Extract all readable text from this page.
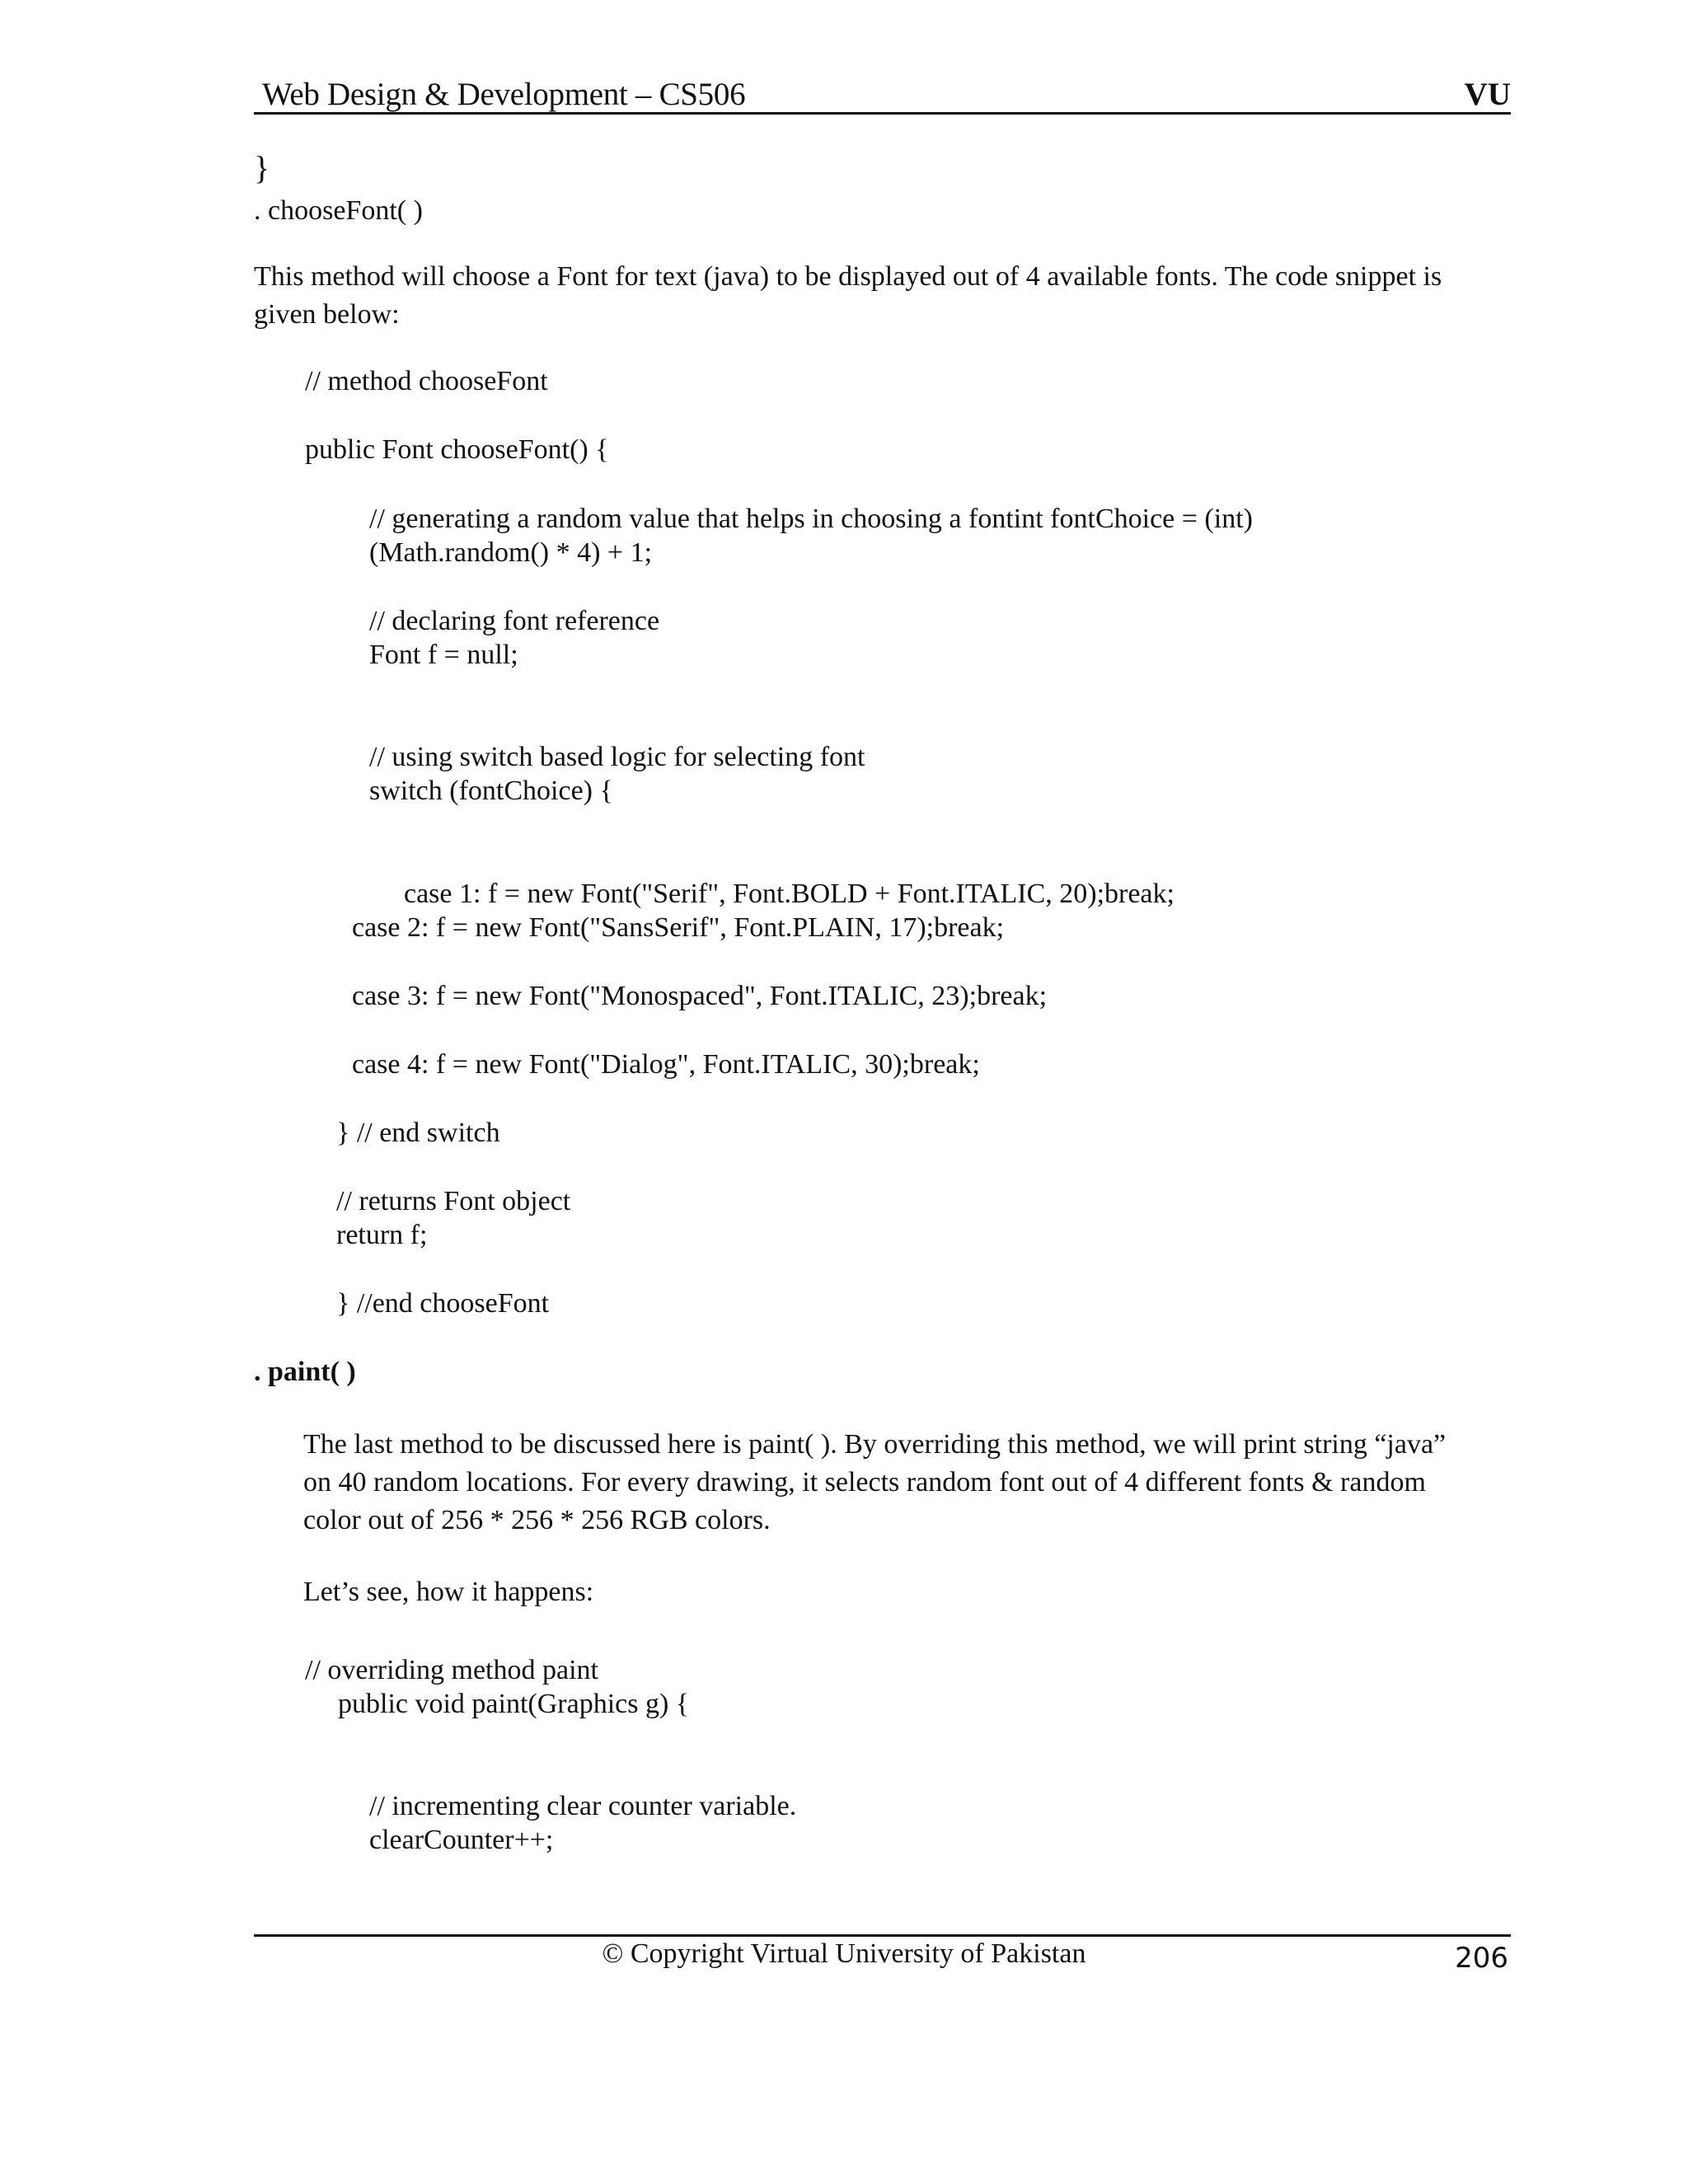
Web Design & Development – CS506	VU
}
. chooseFont( )
This method will choose a Font for text (java) to be displayed out of 4 available fonts. The code snippet is
given below:
// method chooseFont
public Font chooseFont() {
// generating a random value that helps in choosing a fontint fontChoice = (int)
(Math.random() * 4) + 1;
// declaring font reference
Font f = null;
// using switch based logic for selecting font
switch (fontChoice) {
case 1: f = new Font("Serif", Font.BOLD + Font.ITALIC, 20);break;
case 2: f = new Font("SansSerif", Font.PLAIN, 17);break;
case 3: f = new Font("Monospaced", Font.ITALIC, 23);break;
case 4: f = new Font("Dialog", Font.ITALIC, 30);break;
} // end switch
// returns Font object
return f;
} //end chooseFont
. paint( )
The last method to be discussed here is paint( ). By overriding this method, we will print string “java”
on 40 random locations. For every drawing, it selects random font out of 4 different fonts & random
color out of 256 * 256 * 256 RGB colors.
Let’s see, how it happens:
// overriding method paint
public void paint(Graphics g) {
// incrementing clear counter variable.
clearCounter++;
© Copyright Virtual University of Pakistan	206
